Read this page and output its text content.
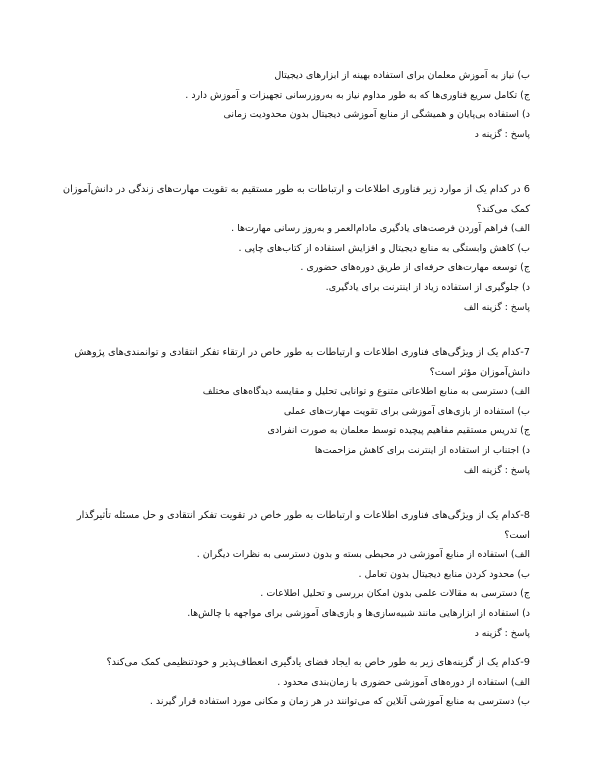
ب) نیاز به آموزش معلمان برای استفاده بهینه از ابزارهای دیجیتال

ج) تکامل سریع فناوری‌ها که به طور مداوم نیاز به به‌روزرسانی تجهیزات و آموزش دارد .

د) استفاده بی‌پایان و همیشگی از منابع آموزشی دیجیتال بدون محدودیت زمانی

پاسخ : گزینه د

6 در کدام یک از موارد زیر فناوری اطلاعات و ارتباطات به طور مستقیم به تقویت مهارت‌های زندگی در دانش‌آموزان کمک می‌کند؟

الف) فراهم آوردن فرصت‌های یادگیری مادام‌العمر و به‌روز رسانی مهارت‌ها .

ب) کاهش وابستگی به منابع دیجیتال و افزایش استفاده از کتاب‌های چاپی .

ج) توسعه مهارت‌های حرفه‌ای از طریق دوره‌های حضوری .

د) جلوگیری از استفاده زیاد از اینترنت برای یادگیری.

پاسخ : گزینه الف

7-کدام یک از ویژگی‌های فناوری اطلاعات و ارتباطات به طور خاص در ارتقاء تفکر انتقادی و توانمندی‌های پژوهش دانش‌آموزان مؤثر است؟

الف) دسترسی به منابع اطلاعاتی متنوع و توانایی تحلیل و مقایسه دیدگاه‌های مختلف

ب) استفاده از بازی‌های آموزشی برای تقویت مهارت‌های عملی

ج) تدریس مستقیم مفاهیم پیچیده توسط معلمان به صورت انفرادی

د) اجتناب از استفاده از اینترنت برای کاهش مزاحمت‌ها

پاسخ : گزینه الف

8-کدام یک از ویژگی‌های فناوری اطلاعات و ارتباطات به طور خاص در تقویت تفکر انتقادی و حل مسئله تأثیرگذار است؟

الف) استفاده از منابع آموزشی در محیطی بسته و بدون دسترسی به نظرات دیگران .

ب) محدود کردن منابع دیجیتال بدون تعامل .

ج) دسترسی به مقالات علمی بدون امکان بررسی و تحلیل اطلاعات .

د) استفاده از ابزارهایی مانند شبیه‌سازی‌ها و بازی‌های آموزشی برای مواجهه با چالش‌ها.

پاسخ : گزینه د

9-کدام یک از گزینه‌های زیر به طور خاص به ایجاد فضای یادگیری انعطاف‌پذیر و خودتنظیمی کمک می‌کند؟

الف) استفاده از دوره‌های آموزشی حضوری با زمان‌بندی محدود .

ب) دسترسی به منابع آموزشی آنلاین که می‌توانند در هر زمان و مکانی مورد استفاده قرار گیرند .
